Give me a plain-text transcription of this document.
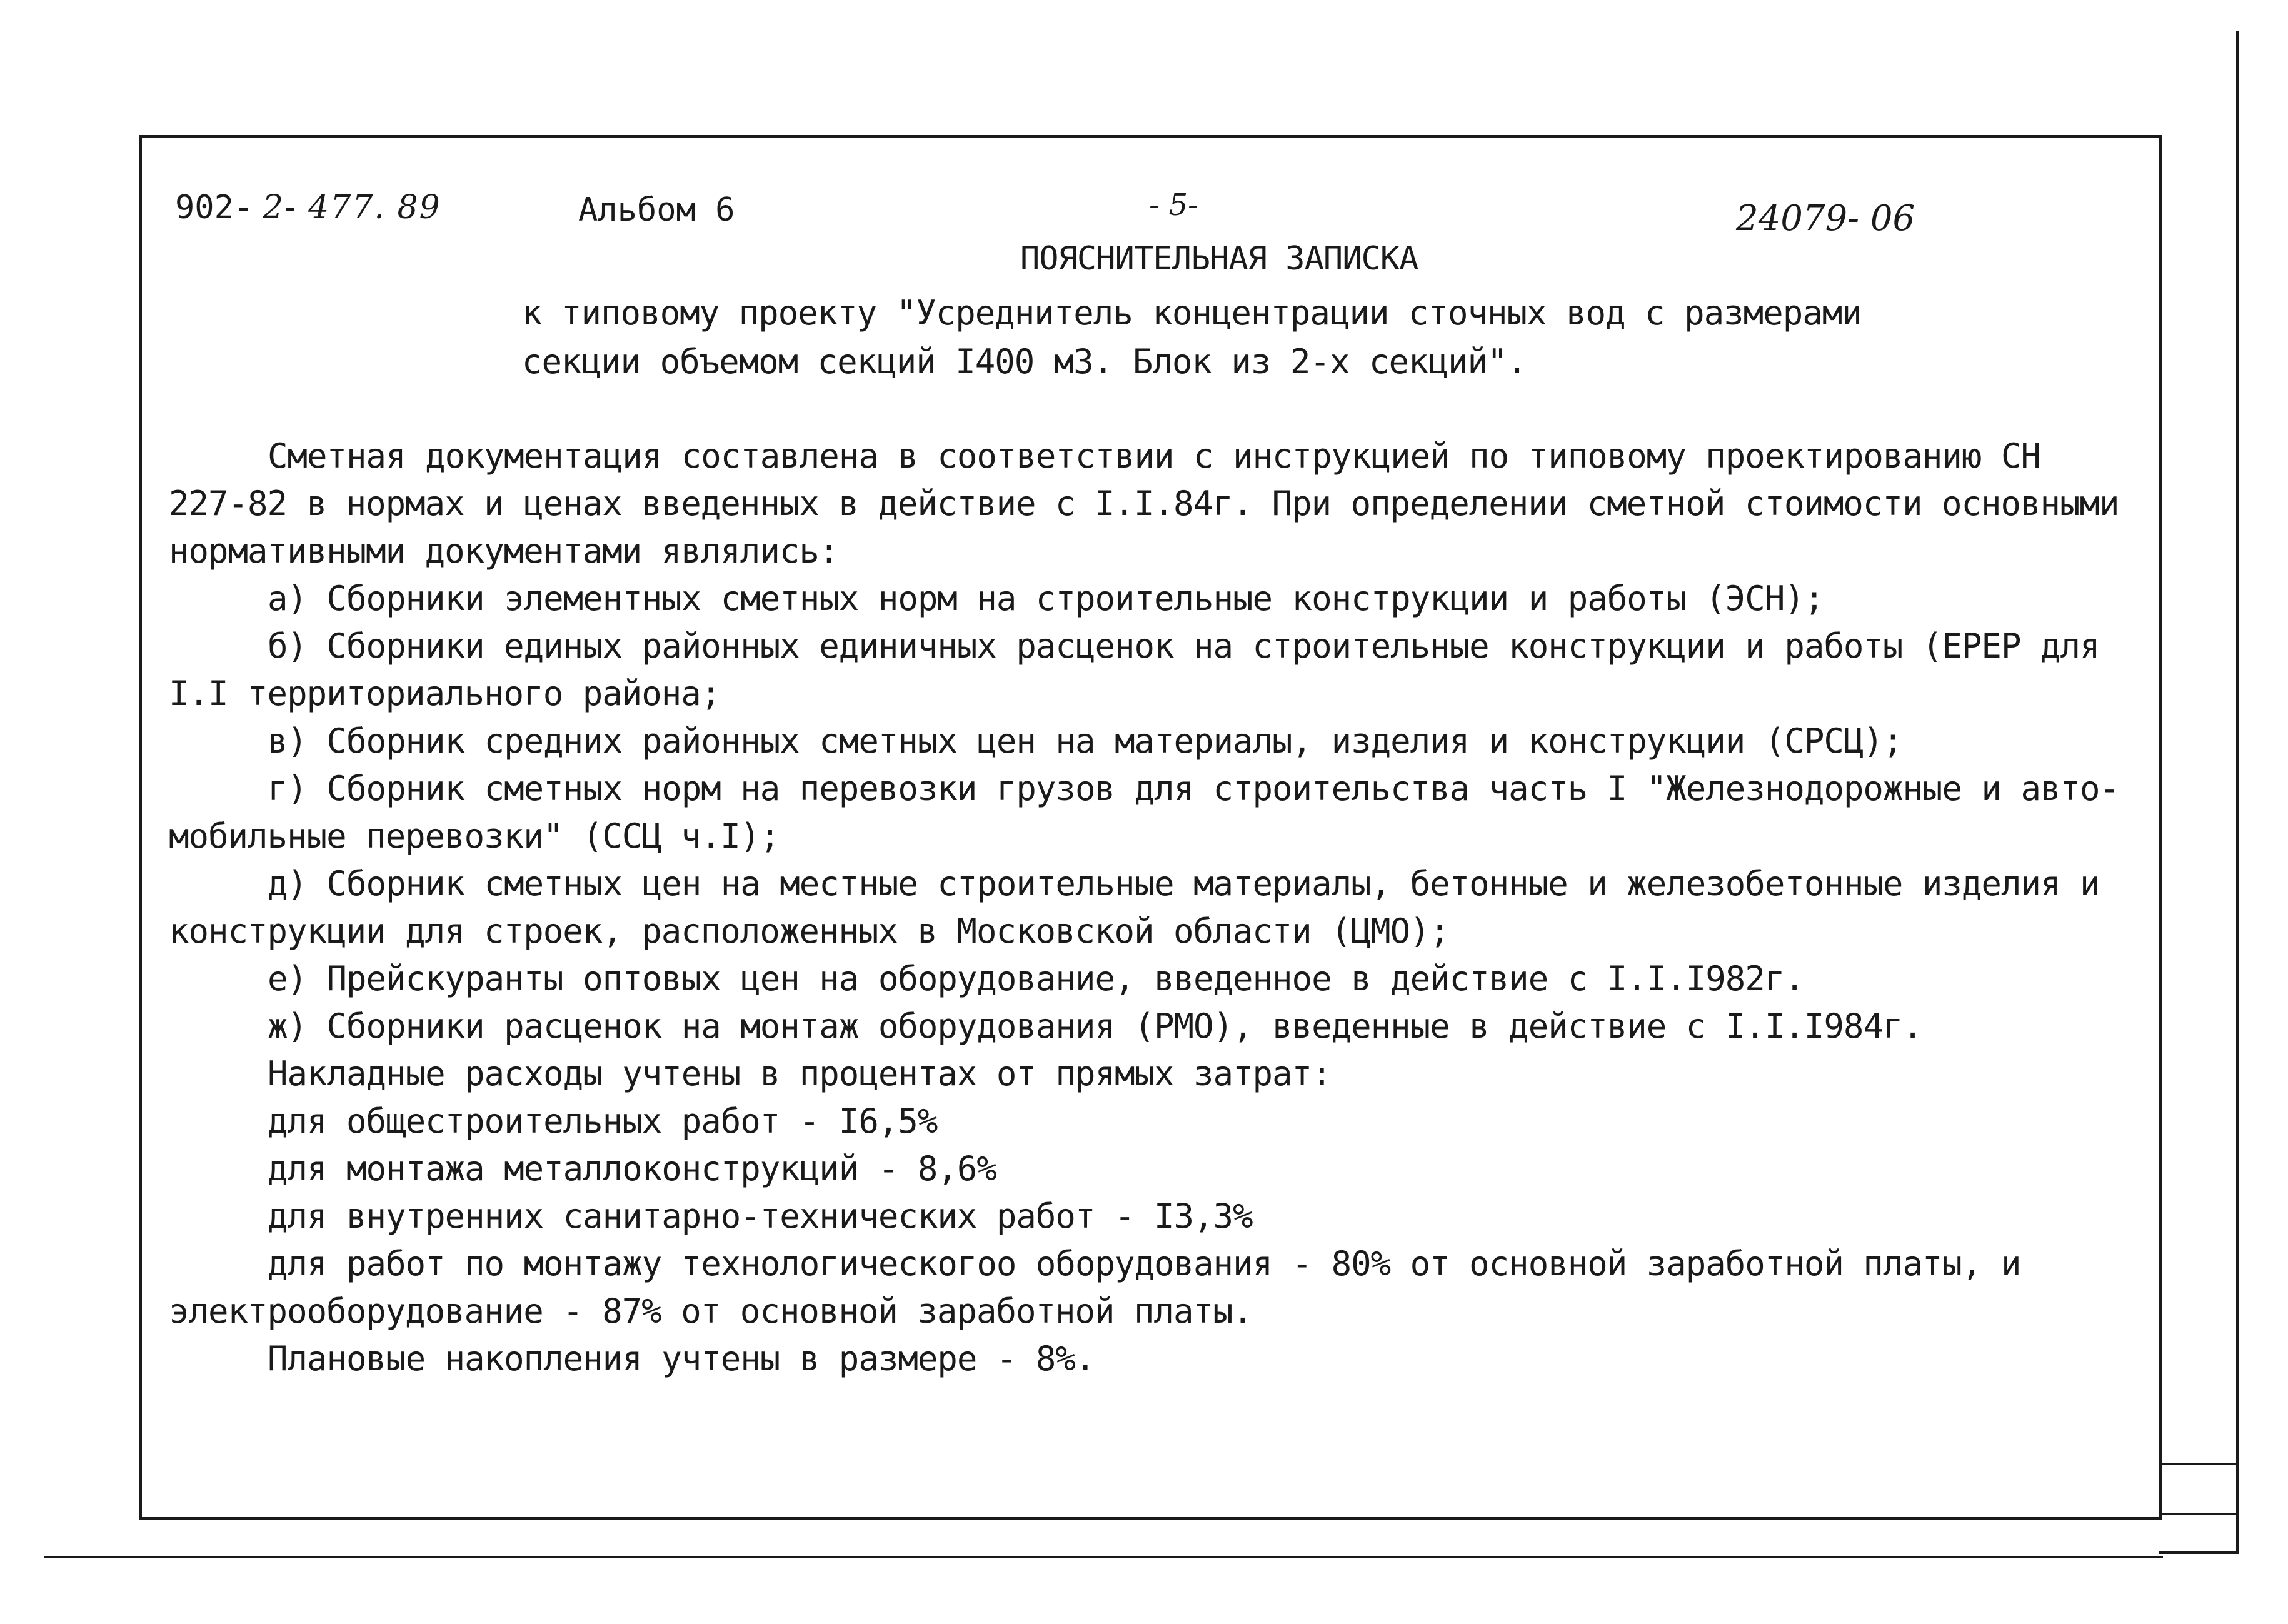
902- 2- 477. 89	Альбом 6	- 5-	24079- 06
ПОЯСНИТЕЛЬНАЯ ЗАПИСКА
к типовому проекту "Усреднитель концентрации сточных вод с размерами
секции объемом секций I400 м3. Блок из 2-х секций".

Сметная документация составлена в соответствии с инструкцией по типовому проектированию СН

227-82 в нормах и ценах введенных в действие с I.I.84г. При определении сметной стоимости основными

нормативными документами являлись:

а) Сборники элементных сметных норм на строительные конструкции и работы (ЭСН);

б) Сборники единых районных единичных расценок на строительные конструкции и работы (ЕРЕР для

I.I территориального района;

в) Сборник средних районных сметных цен на материалы, изделия и конструкции (СРСЦ);

г) Сборник сметных норм на перевозки грузов для строительства часть I "Железнодорожные и авто-

мобильные перевозки" (ССЦ ч.I);

д) Сборник сметных цен на местные строительные материалы, бетонные и железобетонные изделия и

конструкции для строек, расположенных в Московской области (ЦМО);

е) Прейскуранты оптовых цен на оборудование, введенное в действие с I.I.I982г.

ж) Сборники расценок на монтаж оборудования (РМО), введенные в действие с I.I.I984г.

Накладные расходы учтены в процентах от прямых затрат:

для общестроительных работ - I6,5%

для монтажа металлоконструкций - 8,6%

для внутренних санитарно-технических работ - I3,3%

для работ по монтажу технологическогоо оборудования - 80% от основной заработной платы, и

электрооборудование - 87% от основной заработной платы.

Плановые накопления учтены в размере - 8%.
